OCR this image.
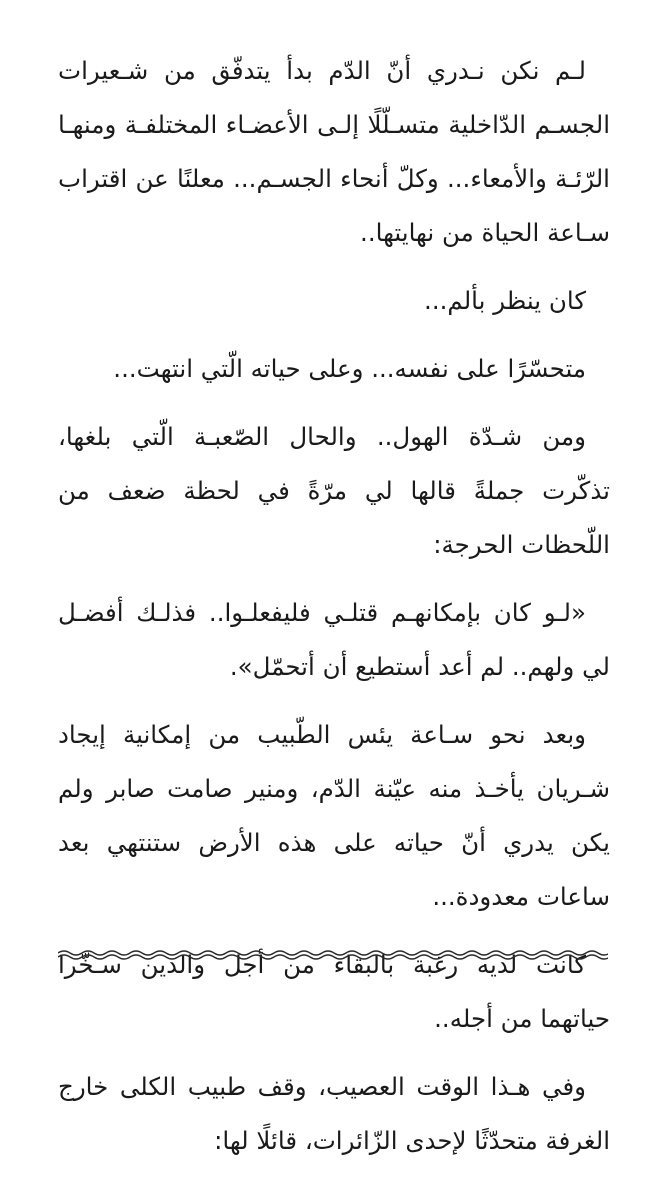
لـم نكن نـدري أنّ الدّم بدأ يتدفّق من شـعيرات الجسـم الدّاخلية متسـلّلًا إلـى الأعضـاء المختلفـة ومنهـا الرّئـة والأمعاء... وكلّ أنحاء الجسـم... معلنًا عن اقتراب سـاعة الحياة من نهايتها..

كان ينظر بألم...

متحسّرًا على نفسه... وعلى حياته الّتي انتهت...

ومن شـدّة الهول.. والحال الصّعبـة الّتي بلغها، تذكّرت جملةً قالها لي مرّةً في لحظة ضعف من اللّحظات الحرجة:

«لـو كان بإمكانهـم قتلـي فليفعلـوا.. فذلـك أفضـل لي ولهم.. لم أعد أستطيع أن أتحمّل».

وبعد نحو سـاعة يئس الطّبيب من إمكانية إيجاد شـريان يأخـذ منه عيّنة الدّم، ومنير صامت صابر ولم يكن يدري أنّ حياته على هذه الأرض ستنتهي بعد ساعات معدودة...

كانت لديه رغبة بالبقاء من أجل والدين سـخّرا حياتهما من أجله..

وفي هـذا الوقت العصيب، وقف طبيب الكلى خارج الغرفة متحدّثًا لإحدى الزّائرات، قائلًا لها:
